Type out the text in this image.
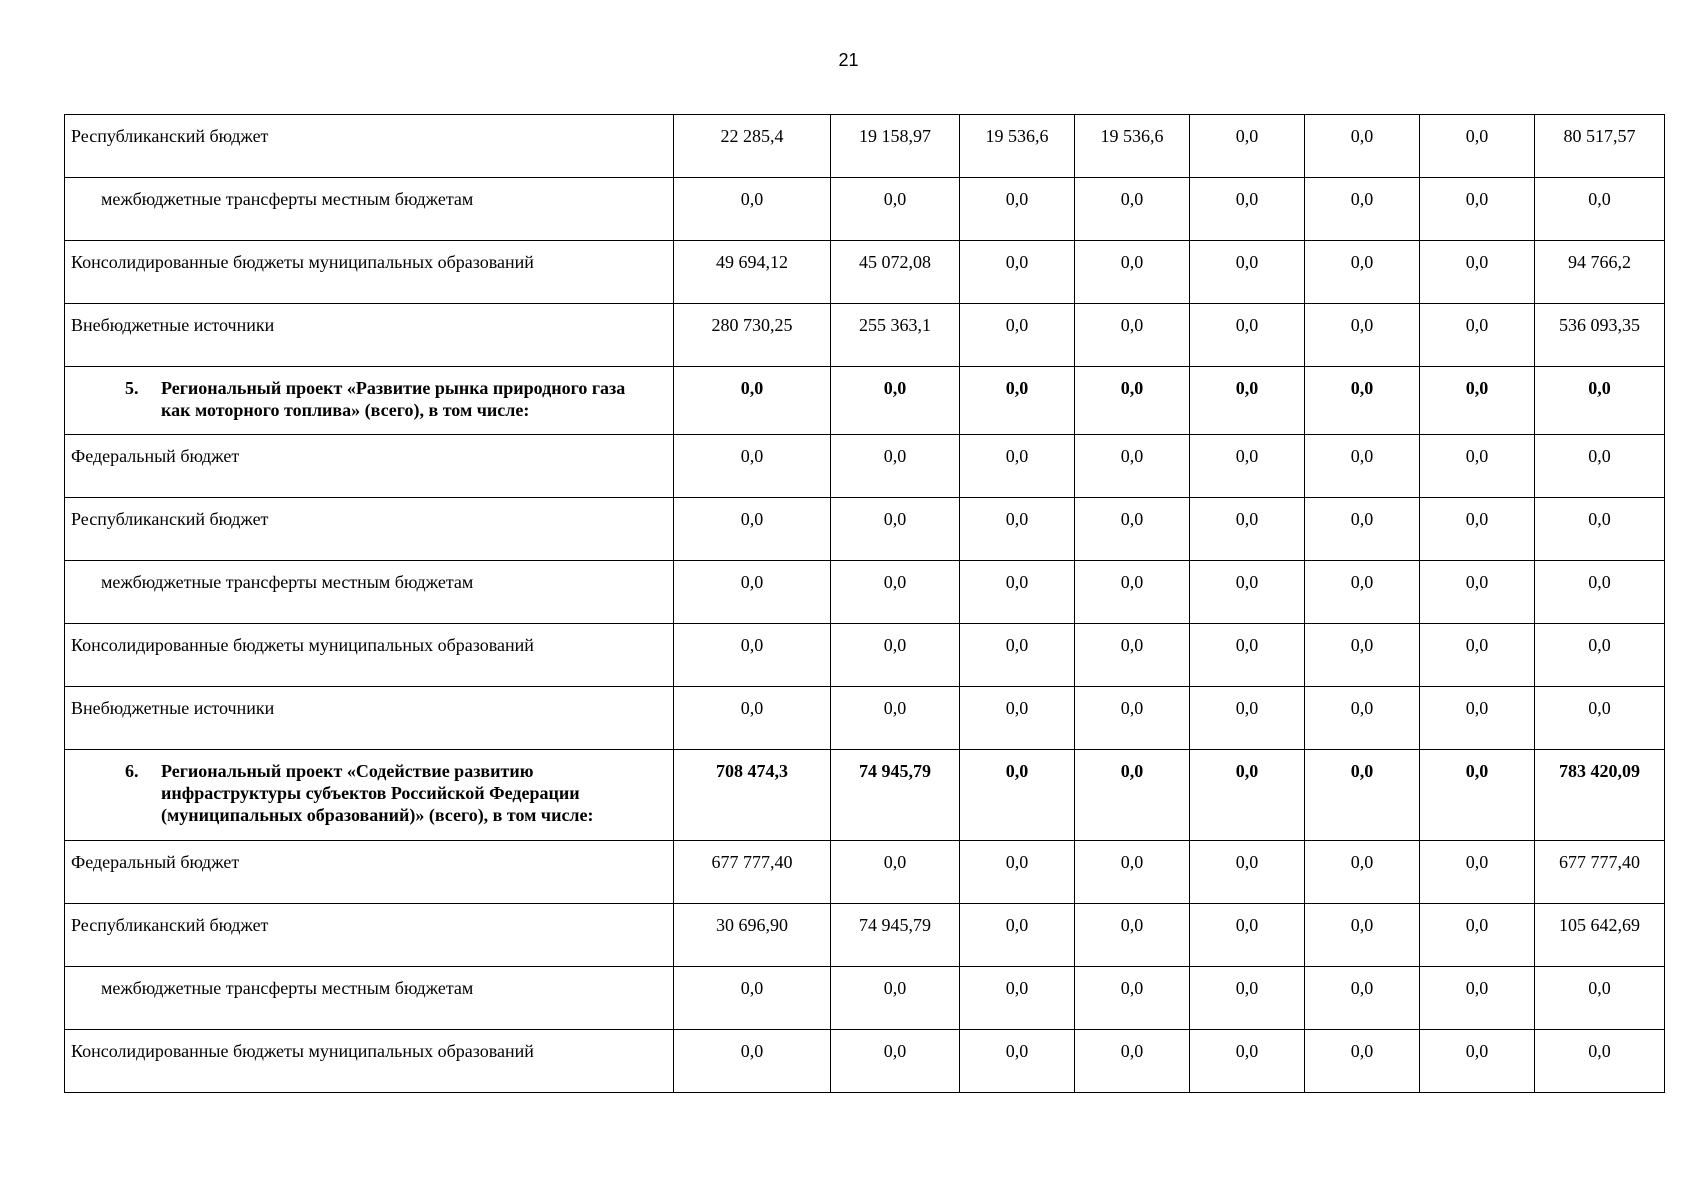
21
Республиканский бюджет	22 285,4	19 158,97	19 536,6	19 536,6	0,0	0,0	0,0	80 517,57
межбюджетные трансферты местным бюджетам	0,0	0,0	0,0	0,0	0,0	0,0	0,0	0,0
Консолидированные бюджеты муниципальных образований	49 694,12	45 072,08	0,0	0,0	0,0	0,0	0,0	94 766,2
Внебюджетные источники	280 730,25	255 363,1	0,0	0,0	0,0	0,0	0,0	536 093,35

5. Региональный проект «Развитие рынка природного газа как моторного топлива» (всего), в том числе:	0,0	0,0	0,0	0,0	0,0	0,0	0,0	0,0
Федеральный бюджет	0,0	0,0	0,0	0,0	0,0	0,0	0,0	0,0
Республиканский бюджет	0,0	0,0	0,0	0,0	0,0	0,0	0,0	0,0
межбюджетные трансферты местным бюджетам	0,0	0,0	0,0	0,0	0,0	0,0	0,0	0,0
Консолидированные бюджеты муниципальных образований	0,0	0,0	0,0	0,0	0,0	0,0	0,0	0,0
Внебюджетные источники	0,0	0,0	0,0	0,0	0,0	0,0	0,0	0,0

6. Региональный проект «Содействие развитию инфраструктуры субъектов Российской Федерации (муниципальных образований)» (всего), в том числе:	708 474,3	74 945,79	0,0	0,0	0,0	0,0	0,0	783 420,09
Федеральный бюджет	677 777,40	0,0	0,0	0,0	0,0	0,0	0,0	677 777,40
Республиканский бюджет	30 696,90	74 945,79	0,0	0,0	0,0	0,0	0,0	105 642,69
межбюджетные трансферты местным бюджетам	0,0	0,0	0,0	0,0	0,0	0,0	0,0	0,0
Консолидированные бюджеты муниципальных образований	0,0	0,0	0,0	0,0	0,0	0,0	0,0	0,0
